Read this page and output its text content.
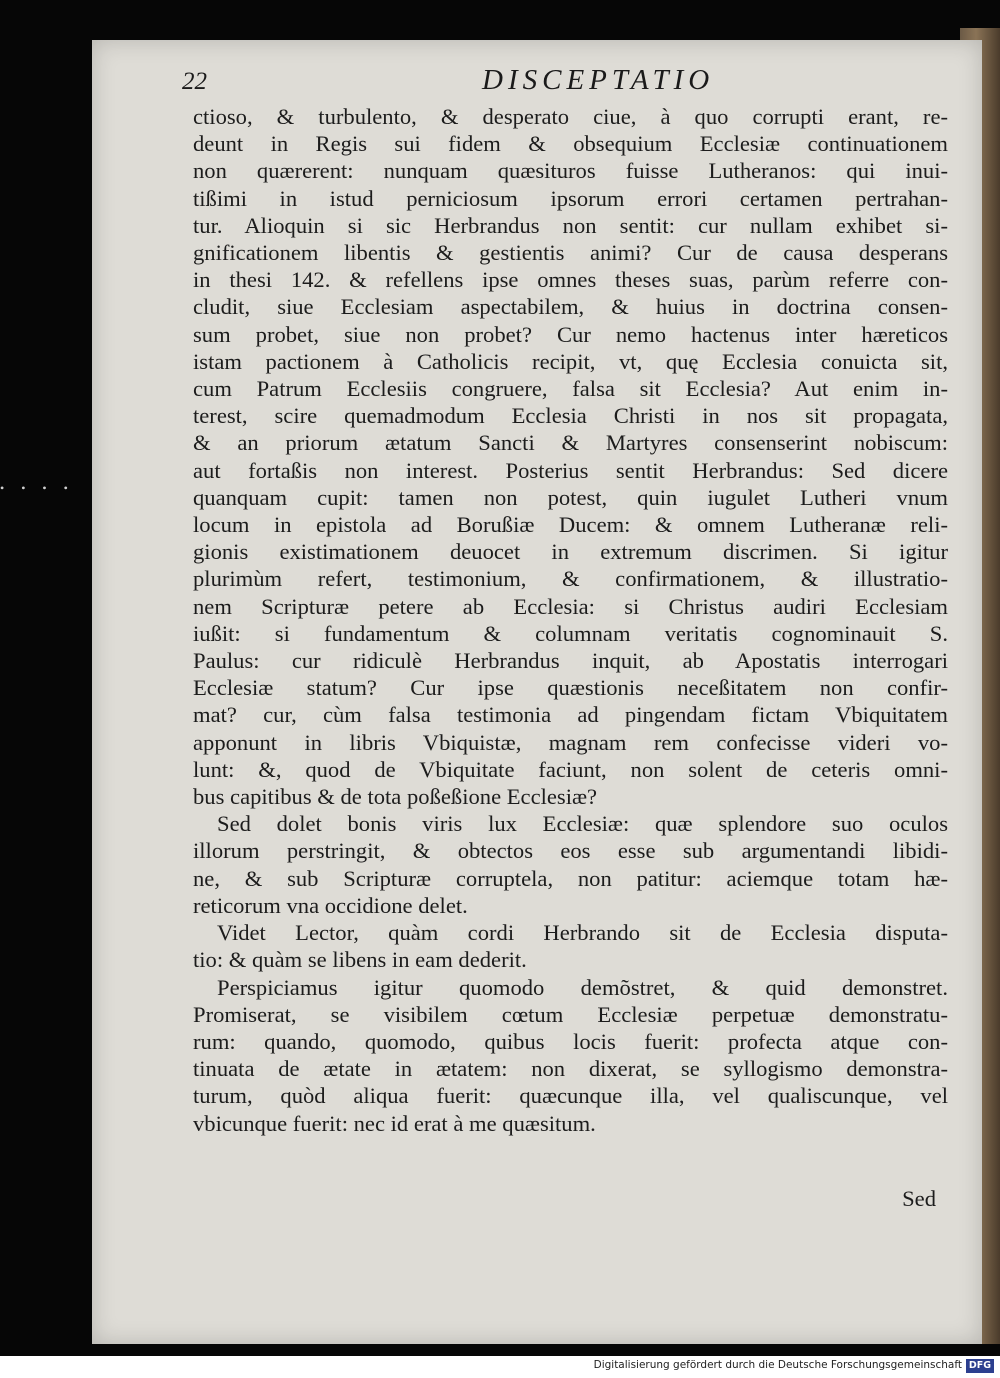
••••
22	DISCEPTATIO
ctioso, & turbulento, & desperato ciue, à quo corrupti erant, re-
deunt in Regis sui fidem & obsequium Ecclesiæ continuationem
non quærerent: nunquam quæsituros fuisse Lutheranos: qui inui-
tißimi in istud perniciosum ipsorum errori certamen pertrahan-
tur. Alioquin si sic Herbrandus non sentit: cur nullam exhibet si-
gnificationem libentis & gestientis animi? Cur de causa desperans
in thesi 142. & refellens ipse omnes theses suas, parùm referre con-
cludit, siue Ecclesiam aspectabilem, & huius in doctrina consen-
sum probet, siue non probet? Cur nemo hactenus inter hæreticos
istam pactionem à Catholicis recipit, vt, quę Ecclesia conuicta sit,
cum Patrum Ecclesiis congruere, falsa sit Ecclesia? Aut enim in-
terest, scire quemadmodum Ecclesia Christi in nos sit propagata,
& an priorum ætatum Sancti & Martyres consenserint nobiscum:
aut fortaßis non interest. Posterius sentit Herbrandus: Sed dicere
quanquam cupit: tamen non potest, quin iugulet Lutheri vnum
locum in epistola ad Borußiæ Ducem: & omnem Lutheranæ reli-
gionis existimationem deuocet in extremum discrimen. Si igitur
plurimùm refert, testimonium, & confirmationem, & illustratio-
nem Scripturæ petere ab Ecclesia: si Christus audiri Ecclesiam
iußit: si fundamentum & columnam veritatis cognominauit S.
Paulus: cur ridiculè Herbrandus inquit, ab Apostatis interrogari
Ecclesiæ statum? Cur ipse quæstionis neceßitatem non confir-
mat? cur, cùm falsa testimonia ad pingendam fictam Vbiquitatem
apponunt in libris Vbiquistæ, magnam rem confecisse videri vo-
lunt: &, quod de Vbiquitate faciunt, non solent de ceteris omni-
bus capitibus & de tota poßeßione Ecclesiæ?
Sed dolet bonis viris lux Ecclesiæ: quæ splendore suo oculos
illorum perstringit, & obtectos eos esse sub argumentandi libidi-
ne, & sub Scripturæ corruptela, non patitur: aciemque totam hæ-
reticorum vna occidione delet.
Videt Lector, quàm cordi Herbrando sit de Ecclesia disputa-
tio: & quàm se libens in eam dederit.
Perspiciamus igitur quomodo demõstret, & quid demonstret.
Promiserat, se visibilem cœtum Ecclesiæ perpetuæ demonstratu-
rum: quando, quomodo, quibus locis fuerit: profecta atque con-
tinuata de ætate in ætatem: non dixerat, se syllogismo demonstra-
turum, quòd aliqua fuerit: quæcunque illa, vel qualiscunque, vel
vbicunque fuerit: nec id erat à me quæsitum.
Sed
Digitalisierung gefördert durch die Deutsche Forschungsgemeinschaft DFG
